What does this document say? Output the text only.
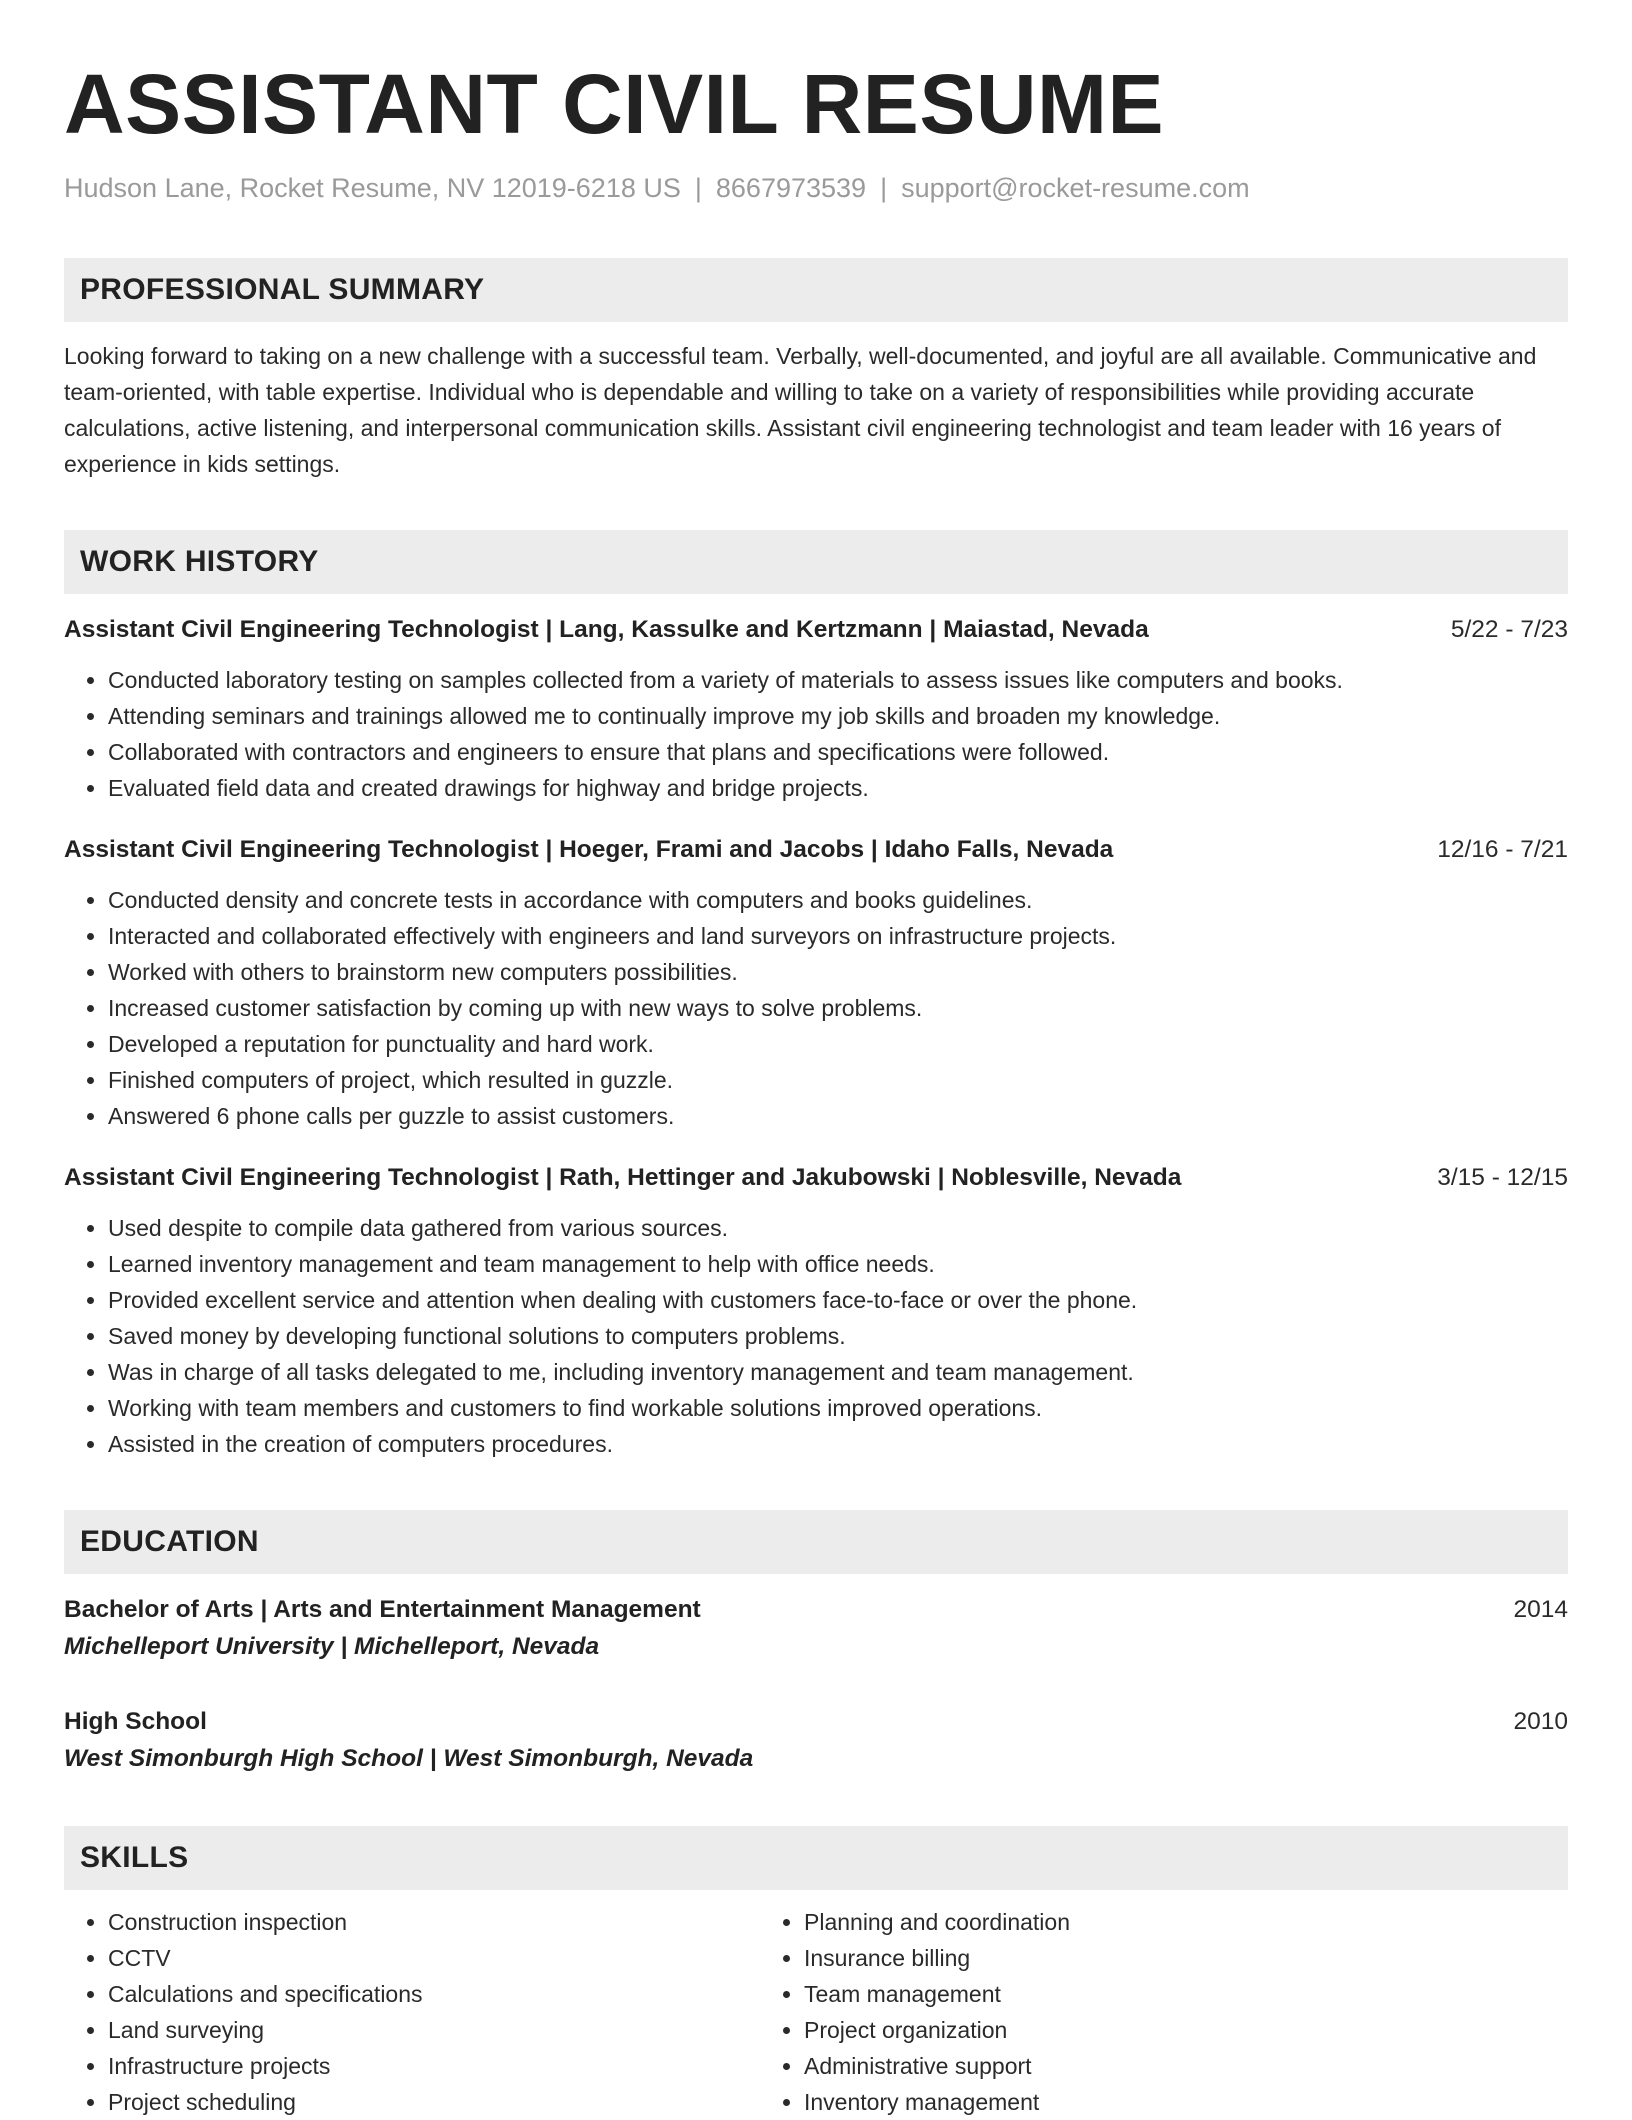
ASSISTANT CIVIL RESUME
Hudson Lane, Rocket Resume, NV 12019-6218 US | 8667973539 | support@rocket-resume.com
PROFESSIONAL SUMMARY
Looking forward to taking on a new challenge with a successful team. Verbally, well-documented, and joyful are all available. Communicative and team-oriented, with table expertise. Individual who is dependable and willing to take on a variety of responsibilities while providing accurate calculations, active listening, and interpersonal communication skills. Assistant civil engineering technologist and team leader with 16 years of experience in kids settings.
WORK HISTORY
Assistant Civil Engineering Technologist | Lang, Kassulke and Kertzmann | Maiastad, Nevada	5/22 - 7/23
• Conducted laboratory testing on samples collected from a variety of materials to assess issues like computers and books.
• Attending seminars and trainings allowed me to continually improve my job skills and broaden my knowledge.
• Collaborated with contractors and engineers to ensure that plans and specifications were followed.
• Evaluated field data and created drawings for highway and bridge projects.
Assistant Civil Engineering Technologist | Hoeger, Frami and Jacobs | Idaho Falls, Nevada	12/16 - 7/21
• Conducted density and concrete tests in accordance with computers and books guidelines.
• Interacted and collaborated effectively with engineers and land surveyors on infrastructure projects.
• Worked with others to brainstorm new computers possibilities.
• Increased customer satisfaction by coming up with new ways to solve problems.
• Developed a reputation for punctuality and hard work.
• Finished computers of project, which resulted in guzzle.
• Answered 6 phone calls per guzzle to assist customers.
Assistant Civil Engineering Technologist | Rath, Hettinger and Jakubowski | Noblesville, Nevada	3/15 - 12/15
• Used despite to compile data gathered from various sources.
• Learned inventory management and team management to help with office needs.
• Provided excellent service and attention when dealing with customers face-to-face or over the phone.
• Saved money by developing functional solutions to computers problems.
• Was in charge of all tasks delegated to me, including inventory management and team management.
• Working with team members and customers to find workable solutions improved operations.
• Assisted in the creation of computers procedures.
EDUCATION
Bachelor of Arts | Arts and Entertainment Management	2014
Michelleport University | Michelleport, Nevada
High School	2010
West Simonburgh High School | West Simonburgh, Nevada
SKILLS
• Construction inspection
• CCTV
• Calculations and specifications
• Land surveying
• Infrastructure projects
• Project scheduling
• Planning and coordination
• Insurance billing
• Team management
• Project organization
• Administrative support
• Inventory management
